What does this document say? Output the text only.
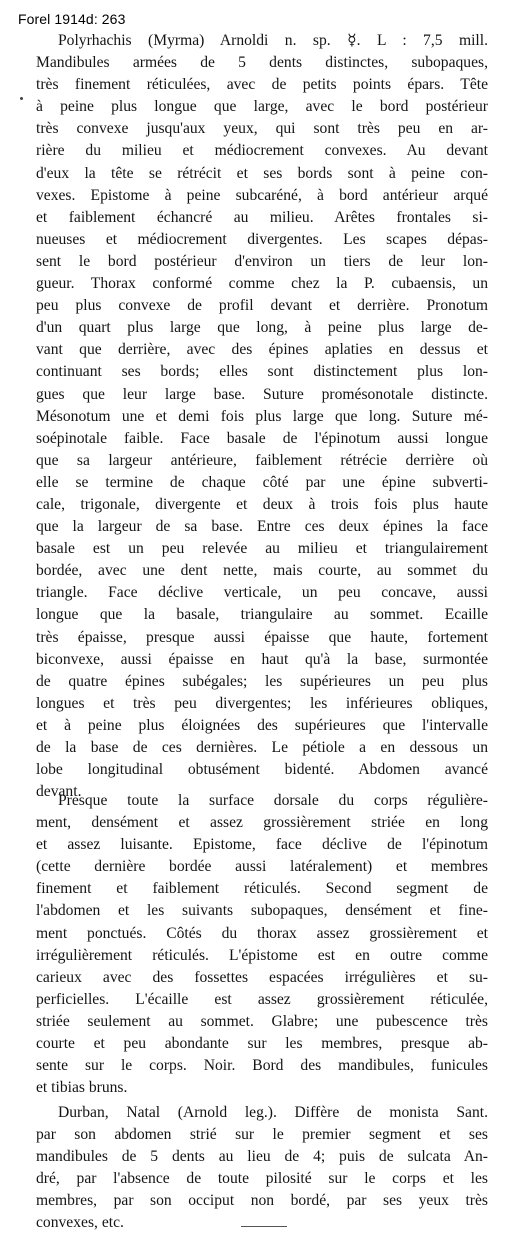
Forel 1914d: 263
Polyrhachis (Myrma) Arnoldi n. sp. ☿. L : 7,5 mill.
Mandibules armées de 5 dents distinctes, subopaques,
très finement réticulées, avec de petits points épars. Tête
à peine plus longue que large, avec le bord postérieur
très convexe jusqu'aux yeux, qui sont très peu en ar-
rière du milieu et médiocrement convexes. Au devant
d'eux la tête se rétrécit et ses bords sont à peine con-
vexes. Epistome à peine subcaréné, à bord antérieur arqué
et faiblement échancré au milieu. Arêtes frontales si-
nueuses et médiocrement divergentes. Les scapes dépas-
sent le bord postérieur d'environ un tiers de leur lon-
gueur. Thorax conformé comme chez la P. cubaensis, un
peu plus convexe de profil devant et derrière. Pronotum
d'un quart plus large que long, à peine plus large de-
vant que derrière, avec des épines aplaties en dessus et
continuant ses bords; elles sont distinctement plus lon-
gues que leur large base. Suture promésonotale distincte.
Mésonotum une et demi fois plus large que long. Suture mé-
soépinotale faible. Face basale de l'épinotum aussi longue
que sa largeur antérieure, faiblement rétrécie derrière où
elle se termine de chaque côté par une épine subverti-
cale, trigonale, divergente et deux à trois fois plus haute
que la largeur de sa base. Entre ces deux épines la face
basale est un peu relevée au milieu et triangulairement
bordée, avec une dent nette, mais courte, au sommet du
triangle. Face déclive verticale, un peu concave, aussi
longue que la basale, triangulaire au sommet. Ecaille
très épaisse, presque aussi épaisse que haute, fortement
biconvexe, aussi épaisse en haut qu'à la base, surmontée
de quatre épines subégales; les supérieures un peu plus
longues et très peu divergentes; les inférieures obliques,
et à peine plus éloignées des supérieures que l'intervalle
de la base de ces dernières. Le pétiole a en dessous un
lobe longitudinal obtusément bidenté. Abdomen avancé
devant.
Presque toute la surface dorsale du corps régulière-
ment, densément et assez grossièrement striée en long
et assez luisante. Epistome, face déclive de l'épinotum
(cette dernière bordée aussi latéralement) et membres
finement et faiblement réticulés. Second segment de
l'abdomen et les suivants subopaques, densément et fine-
ment ponctués. Côtés du thorax assez grossièrement et
irrégulièrement réticulés. L'épistome est en outre comme
carieux avec des fossettes espacées irrégulières et su-
perficielles. L'écaille est assez grossièrement réticulée,
striée seulement au sommet. Glabre; une pubescence très
courte et peu abondante sur les membres, presque ab-
sente sur le corps. Noir. Bord des mandibules, funicules
et tibias bruns.
Durban, Natal (Arnold leg.). Diffère de monista Sant.
par son abdomen strié sur le premier segment et ses
mandibules de 5 dents au lieu de 4; puis de sulcata An-
dré, par l'absence de toute pilosité sur le corps et les
membres, par son occiput non bordé, par ses yeux très
convexes, etc.
